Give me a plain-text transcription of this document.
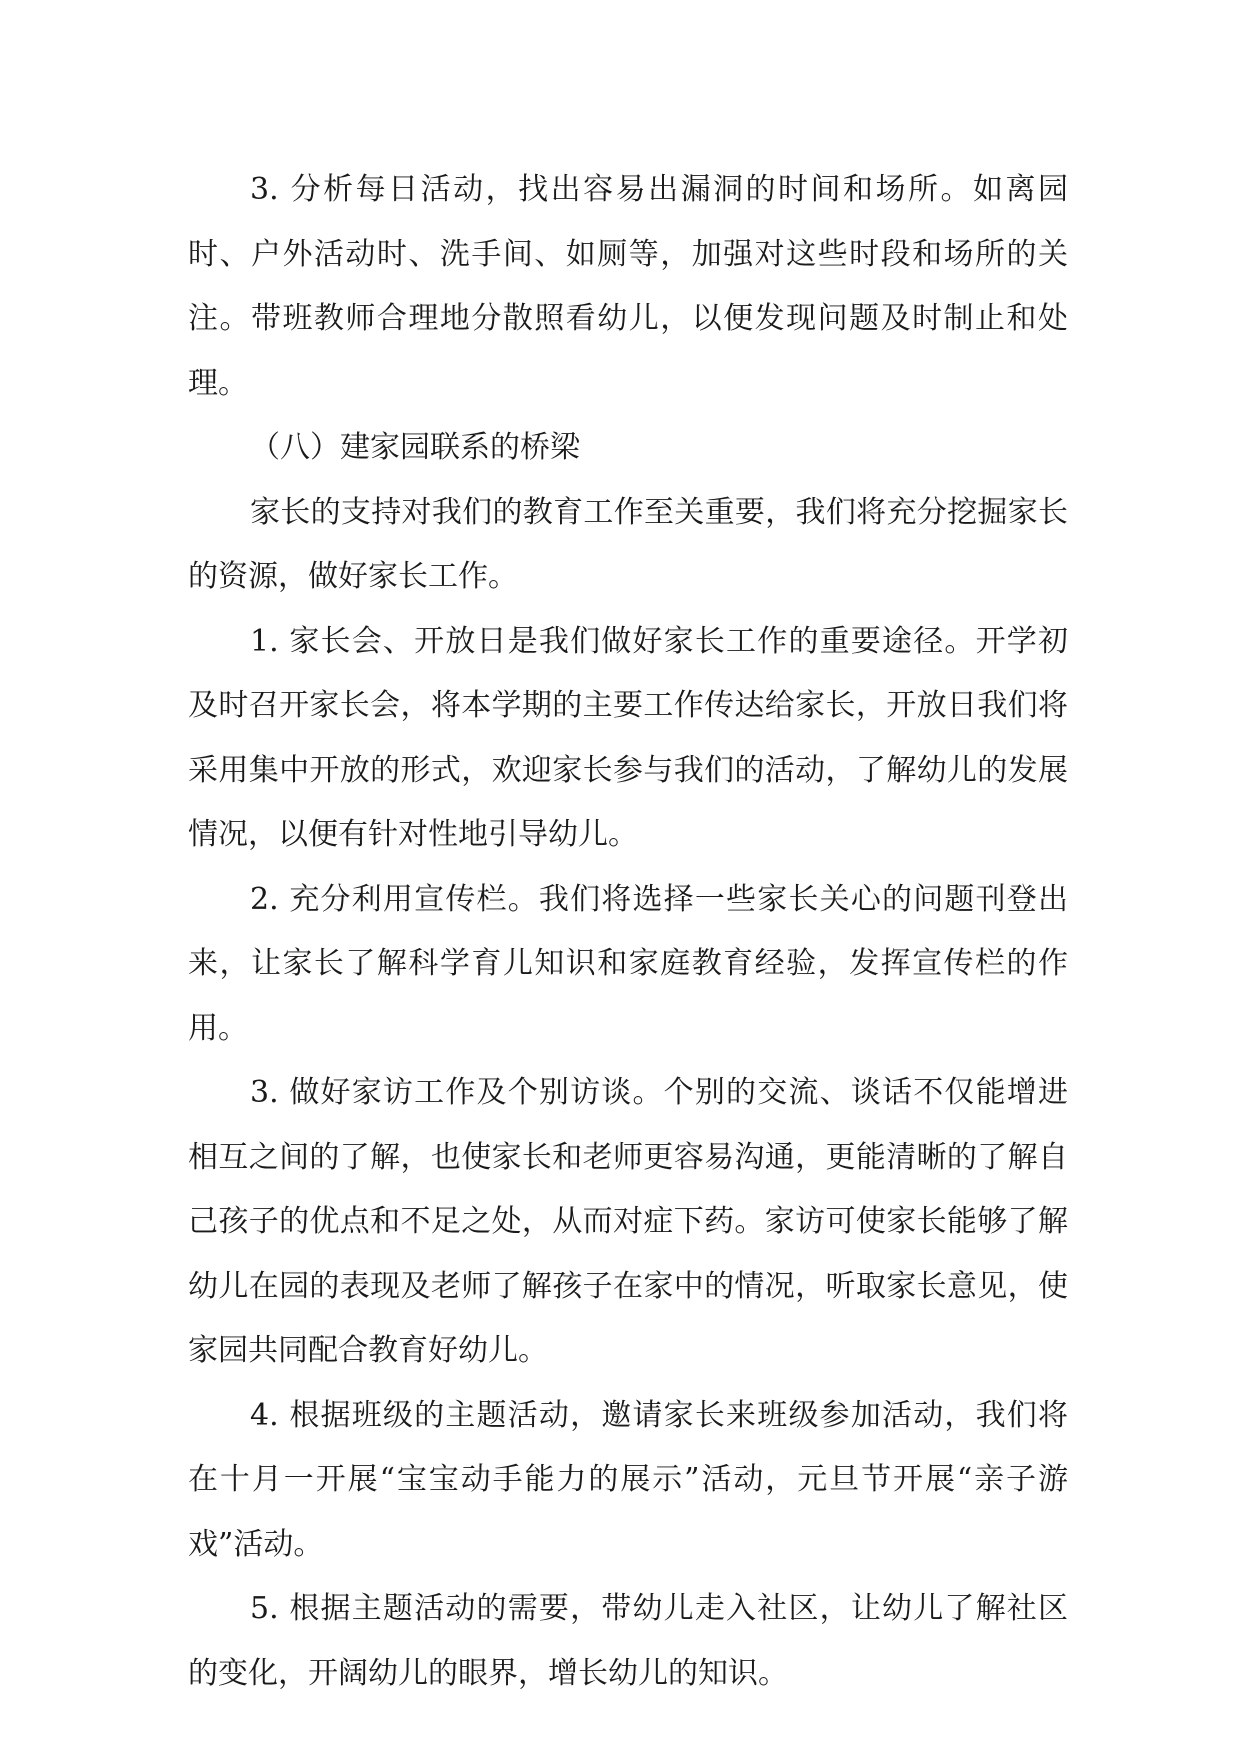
3. 分析每日活动，找出容易出漏洞的时间和场所。如离园时、户外活动时、洗手间、如厕等，加强对这些时段和场所的关注。带班教师合理地分散照看幼儿，以便发现问题及时制止和处理。

（八）建家园联系的桥梁

家长的支持对我们的教育工作至关重要，我们将充分挖掘家长的资源，做好家长工作。

1. 家长会、开放日是我们做好家长工作的重要途径。开学初及时召开家长会，将本学期的主要工作传达给家长，开放日我们将采用集中开放的形式，欢迎家长参与我们的活动，了解幼儿的发展情况，以便有针对性地引导幼儿。

2. 充分利用宣传栏。我们将选择一些家长关心的问题刊登出来，让家长了解科学育儿知识和家庭教育经验，发挥宣传栏的作用。

3. 做好家访工作及个别访谈。个别的交流、谈话不仅能增进相互之间的了解，也使家长和老师更容易沟通，更能清晰的了解自己孩子的优点和不足之处，从而对症下药。家访可使家长能够了解幼儿在园的表现及老师了解孩子在家中的情况，听取家长意见，使家园共同配合教育好幼儿。

4. 根据班级的主题活动，邀请家长来班级参加活动，我们将在十月一开展“宝宝动手能力的展示”活动，元旦节开展“亲子游戏”活动。

5. 根据主题活动的需要，带幼儿走入社区，让幼儿了解社区的变化，开阔幼儿的眼界，增长幼儿的知识。
